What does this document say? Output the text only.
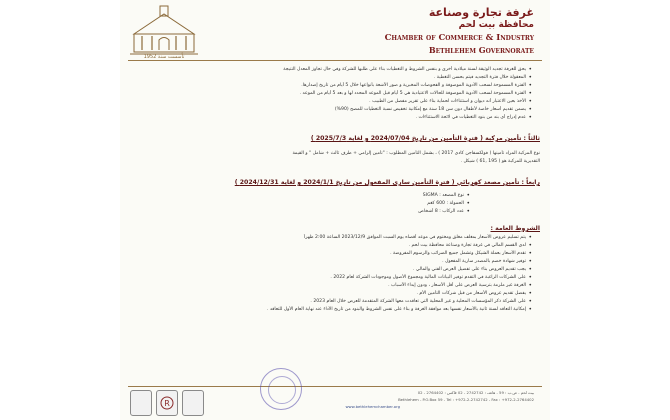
تأسست سنة 1952
غرفة تجارة وصناعة
محافظة بيت لحم
Chamber of Commerce & Industry
Bethlehem Governorate
• يحق للغرفة تجديد الوثيقة لسنة ميلادية أخرى و بنفس الشروط و التغطيات بناء على طلبها للشركة وفي حال تجاوز المعدل النتيجة
• المعقولة خلال فترة التجديد فيتم بحسن التغطية .
• الفترة المسموحة لسحب الأدوية الموصوفة و الفحوصات المخبرية و صور الأشعة بأنواعها خلال 5 أيام من تاريخ إصدارها.
• الفترة المسموحة لسحب الأدوية الموصوفة للحالات الاعتيادية هي 5 أيام قبل الموعد المحدد لها و بعد 5 أيام من الموعد .
• الأخذ بعين الاعتبار أنه ديوان و استثناءات لحماية بناء على تقرير مفصل من الطبيب .
• يضمن تقديم أسعار خاصة لأطفال دون سن 18 سنة مع إمكانية تخفيض نسبة التغطيات للمصح (90%)
• عدم إدراج أي بند من بنود التغطيات في لائحة الاستثناءات .
ثالثاً : تأمين مركبة ( فترة التأمين من تاريخ 2024/07/04 و لغاية 2025/7/3 )
نوع المركبة المراد تأمينها ( فولكسفاجن كادي 2017 ) ، بشمل التأمين المطلوب : "تأمين إلزامي + طرف ثالث + شامل " و القيمة
التقديرية للمركبة هو ( 195 ,61 ) شيكل .
رابعاً : تأمين مصعد كهربائي ( فترة التأمين سارى المفعول من تاريخ 2024/1/1 و لغاية 2024/12/31 )
• نوع المصعد : SIGMA
• الحمولة : 600 كغم
• عدد الركاب : 8 أشخاص
الشروط العامة :
• يتم تسليم عروض الأسعار بمغلف مغلق ومختوم في موعد أقصاه يوم السبت الموافق 2023/12/9 الساعة 2:00 ظهراً
• لدى القسم المالي في غرفة تجارة وصناعة محافظة بيت لحم .
• تقدم الأسعار بعملة الشيكل وتشمل جميع الضرائب والرسوم المفروضة .
• توفير شهادة خصم بالمصدر سارية المفعول .
• يجب تقديم العروض بناء على تفضيل العرض الفني والمالي .
• على الشركات الراغبة في التقدم توفير البيانات المالية ومجموع الأصول وموجودات الشركة لعام 2022 .
• الغرفة غير ملزمة بترسية العرض على أقل الأسعار ، ودون إبداء الأسباب .
• يفضل تقديم عروض الأسعار من قبل شركات التأمين الأم .
• على الشركة ذكر المؤسسات المحلية و غير المحلية التي تعاقدت معها الشركة المتقدمة للعرض خلال العام 2023 .
• إمكانية التعاقد لسنة ثانية بالأسعار نفسها بعد موافقة الغرفة و بناء على نفس الشروط والبنود من تاريخ الأداء عند نهاية العام الأول للتعاقد .
R
بيت لحم - ص.ب : 59 - هاتف : 2742742 - 02 فاكس : 2764402 - 02
Bethlehem - P.O.Box 59 - Tel : +972-2-2742742 - Fax : +972-2-2764402
www.bethlehemchamber.org
